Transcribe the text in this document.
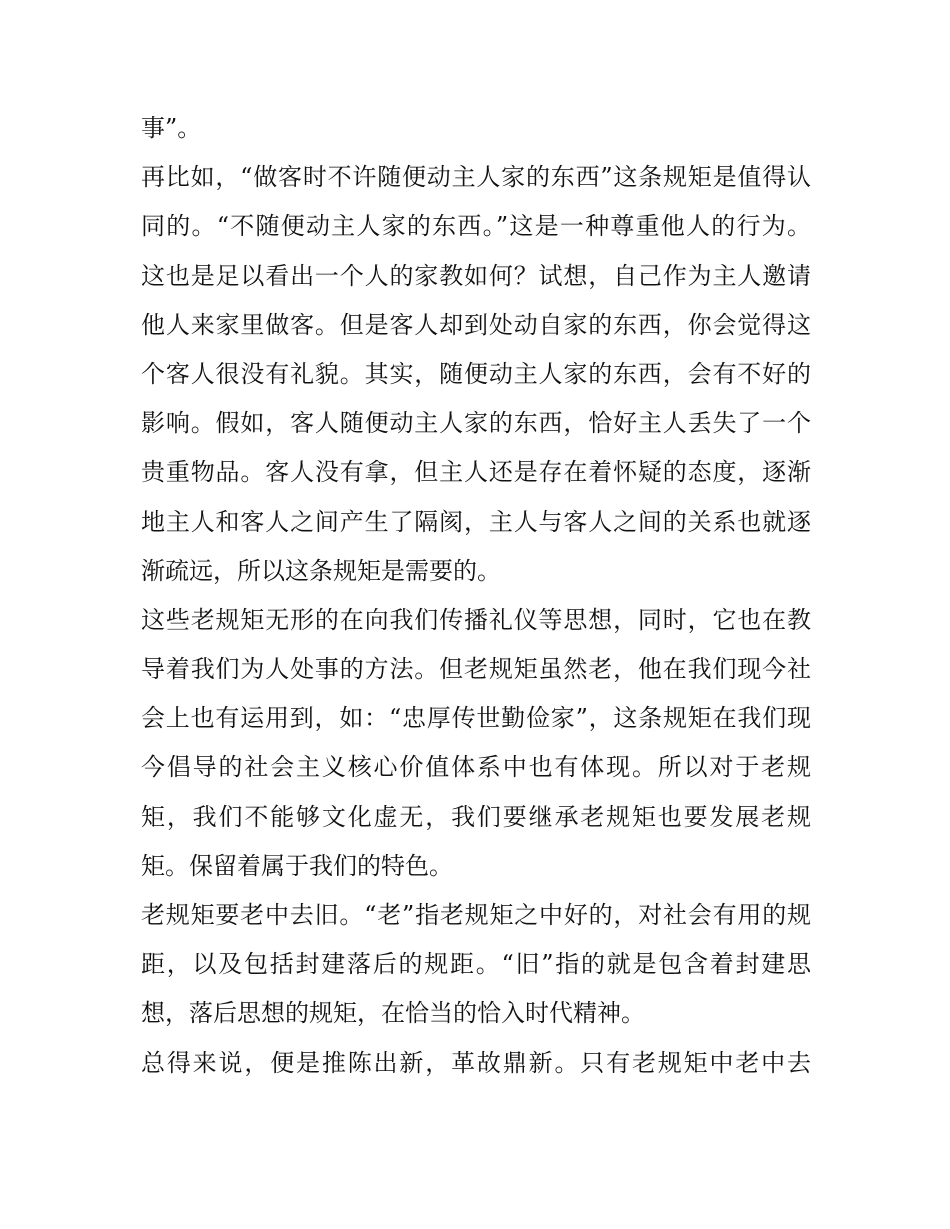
事”。
再比如，“做客时不许随便动主人家的东西”这条规矩是值得认
同的。“不随便动主人家的东西。”这是一种尊重他人的行为。
这也是足以看出一个人的家教如何？试想，自己作为主人邀请
他人来家里做客。但是客人却到处动自家的东西，你会觉得这
个客人很没有礼貌。其实，随便动主人家的东西，会有不好的
影响。假如，客人随便动主人家的东西，恰好主人丢失了一个
贵重物品。客人没有拿，但主人还是存在着怀疑的态度，逐渐
地主人和客人之间产生了隔阂，主人与客人之间的关系也就逐
渐疏远，所以这条规矩是需要的。
这些老规矩无形的在向我们传播礼仪等思想，同时，它也在教
导着我们为人处事的方法。但老规矩虽然老，他在我们现今社
会上也有运用到，如：“忠厚传世勤俭家”，这条规矩在我们现
今倡导的社会主义核心价值体系中也有体现。所以对于老规
矩，我们不能够文化虚无，我们要继承老规矩也要发展老规
矩。保留着属于我们的特色。
老规矩要老中去旧。“老”指老规矩之中好的，对社会有用的规
距，以及包括封建落后的规距。“旧”指的就是包含着封建思
想，落后思想的规矩，在恰当的恰入时代精神。
总得来说，便是推陈出新，革故鼎新。只有老规矩中老中去
